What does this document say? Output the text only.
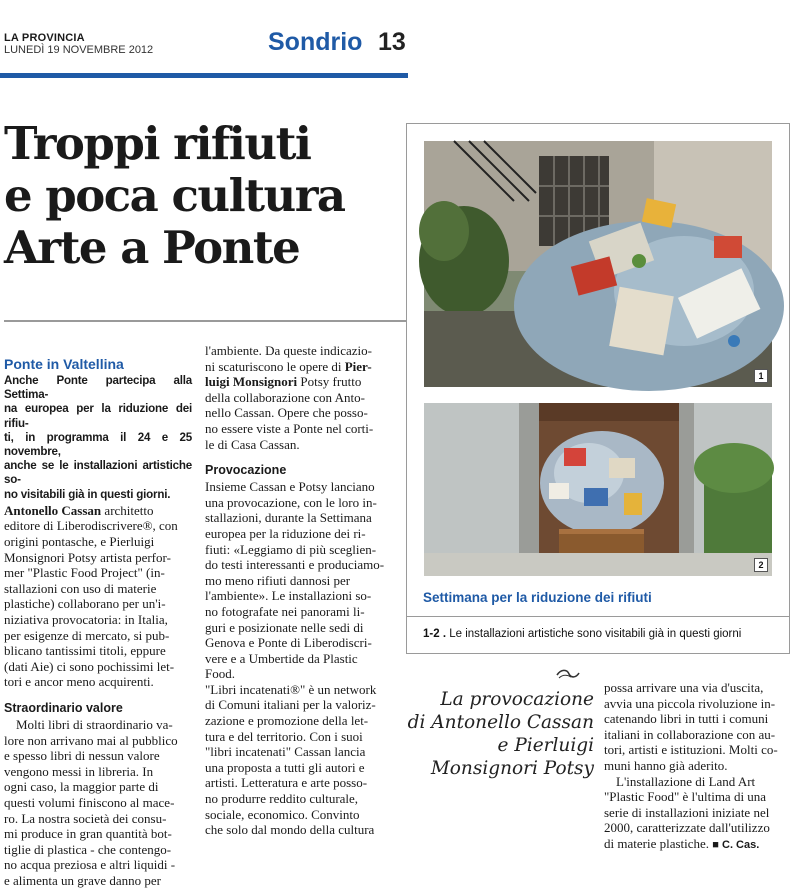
LA PROVINCIA
LUNEDÌ 19 NOVEMBRE 2012	Sondrio 13
Troppi rifiuti
e poca cultura
Arte a Ponte
Ponte in Valtellina
Anche Ponte partecipa alla Settima-
na europea per la riduzione dei rifiu-
ti, in programma il 24 e 25 novembre,
anche se le installazioni artistiche so-
no visitabili già in questi giorni.
Antonello Cassan architetto
editore di Liberodiscrivere®, con
origini pontasche, e Pierluigi
Monsignori Potsy artista perfor-
mer "Plastic Food Project" (in-
stallazioni con uso di materie
plastiche) collaborano per un'i-
niziativa provocatoria: in Italia,
per esigenze di mercato, si pub-
blicano tantissimi titoli, eppure
(dati Aie) ci sono pochissimi let-
tori e ancor meno acquirenti.
Straordinario valore
Molti libri di straordinario va-
lore non arrivano mai al pubblico
e spesso libri di nessun valore
vengono messi in libreria. In
ogni caso, la maggior parte di
questi volumi finiscono al mace-
ro. La nostra società dei consu-
mi produce in gran quantità bot-
tiglie di plastica - che contengo-
no acqua preziosa e altri liquidi -
e alimenta un grave danno per
l'ambiente. Da queste indicazio-
ni scaturiscono le opere di Pier-
luigi Monsignori Potsy frutto
della collaborazione con Anto-
nello Cassan. Opere che posso-
no essere viste a Ponte nel corti-
le di Casa Cassan.
Provocazione
Insieme Cassan e Potsy lanciano
una provocazione, con le loro in-
stallazioni, durante la Settimana
europea per la riduzione dei ri-
fiuti: «Leggiamo di più sceglien-
do testi interessanti e produciamo-
mo meno rifiuti dannosi per
l'ambiente». Le installazioni so-
no fotografate nei panorami li-
guri e posizionate nelle sedi di
Genova e Ponte di Liberodiscri-
vere e a Umbertide da Plastic
Food.
"Libri incatenati®" è un network
di Comuni italiani per la valoriz-
zazione e promozione della let-
tura e del territorio. Con i suoi
"libri incatenati" Cassan lancia
una proposta a tutti gli autori e
artisti. Letteratura e arte posso-
no produrre reddito culturale,
sociale, economico. Convinto
che solo dal mondo della cultura
1
2
Settimana per la riduzione dei rifiuti
1-2 . Le installazioni artistiche sono visitabili già in questi giorni
La provocazione
di Antonello Cassan
e Pierluigi
Monsignori Potsy
possa arrivare una via d'uscita,
avvia una piccola rivoluzione in-
catenando libri in tutti i comuni
italiani in collaborazione con au-
tori, artisti e istituzioni. Molti co-
muni hanno già aderito.
L'installazione di Land Art
"Plastic Food" è l'ultima di una
serie di installazioni iniziate nel
2000, caratterizzate dall'utilizzo
di materie plastiche. ■ C. Cas.
